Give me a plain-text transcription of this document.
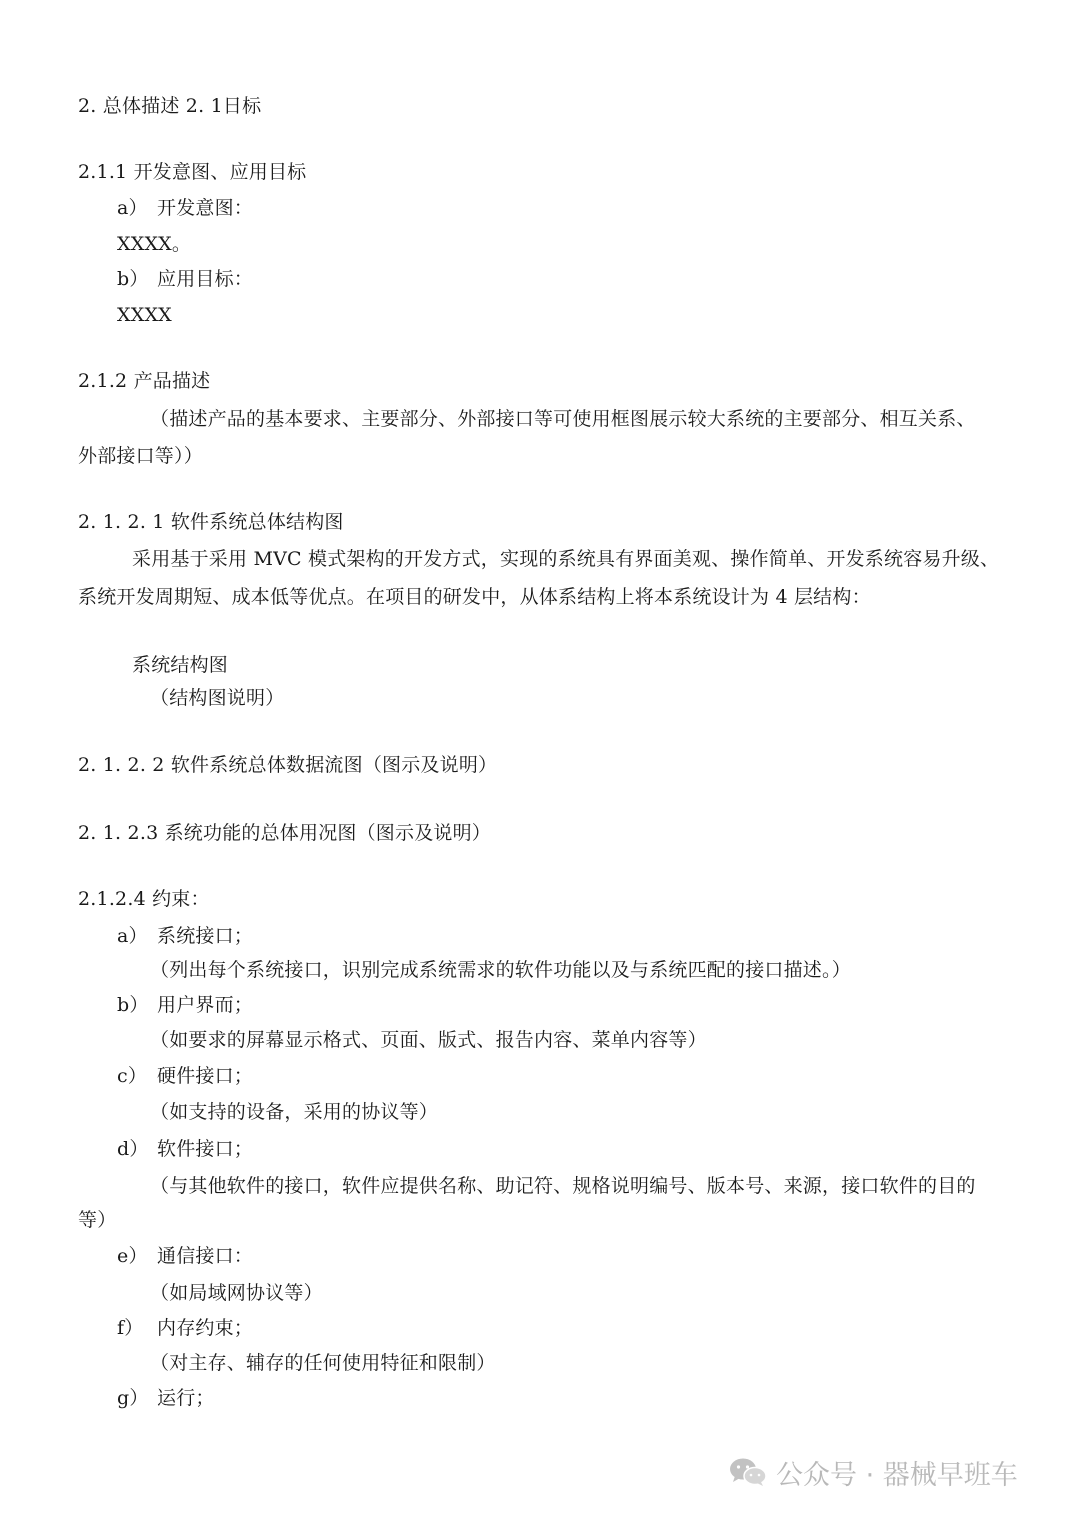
2. 总体描述 2. 1日标
2.1.1 开发意图、应用目标
a） 开发意图：
XXXX。
b） 应用目标：
XXXX
2.1.2 产品描述
（描述产品的基本要求、主要部分、外部接口等可使用框图展示较大系统的主要部分、相互关系、
外部接口等））
2. 1. 2. 1 软件系统总体结构图
采用基于采用 MVC 模式架构的开发方式，实现的系统具有界面美观、操作简单、开发系统容易升级、
系统开发周期短、成本低等优点。在项目的研发中，从体系结构上将本系统设计为 4 层结构：
系统结构图
（结构图说明）
2. 1. 2. 2 软件系统总体数据流图（图示及说明）
2. 1. 2.3 系统功能的总体用况图（图示及说明）
2.1.2.4 约束：
a） 系统接口；
（列出每个系统接口，识别完成系统需求的软件功能以及与系统匹配的接口描述。）
b） 用户界而；
（如要求的屏幕显示格式、页面、版式、报告内容、菜单内容等）
c） 硬件接口；
（如支持的设备，采用的协议等）
d） 软件接口；
（与其他软件的接口，软件应提供名称、助记符、规格说明编号、版本号、来源，接口软件的目的
等）
e） 通信接口：
（如局域网协议等）
f） 内存约束；
（对主存、辅存的任何使用特征和限制）
g） 运行；
公众号 · 器械早班车
